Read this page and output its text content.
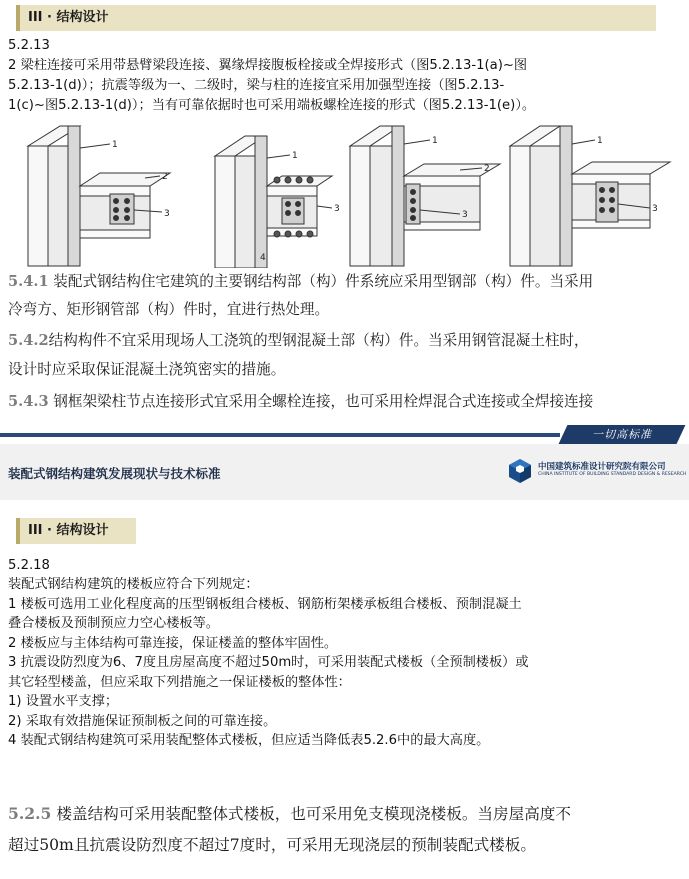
III · 结构设计
5.2.13
2 梁柱连接可采用带悬臂梁段连接、翼缘焊接腹板栓接或全焊接形式（图5.2.13-1(a)~图
5.2.13-1(d)）；抗震等级为一、二级时，梁与柱的连接宜采用加强型连接（图5.2.13-
1(c)~图5.2.13-1(d)）；当有可靠依据时也可采用端板螺栓连接的形式（图5.2.13-1(e)）。
1
2
3
1
4
3
1
2
3
1
3
5.4.1 装配式钢结构住宅建筑的主要钢结构部（构）件系统应采用型钢部（构）件。当采用
冷弯方、矩形钢管部（构）件时，宜进行热处理。
5.4.2结构构件不宜采用现场人工浇筑的型钢混凝土部（构）件。当采用钢管混凝土柱时，
设计时应采取保证混凝土浇筑密实的措施。
5.4.3 钢框架梁柱节点连接形式宜采用全螺栓连接，也可采用栓焊混合式连接或全焊接连接
一切高标准
装配式钢结构建筑发展现状与技术标准	中国建筑标准设计研究院有限公司
CHINA INSTITUTE OF BUILDING STANDARD DESIGN & RESEARCH
III · 结构设计
5.2.18
装配式钢结构建筑的楼板应符合下列规定：
1 楼板可选用工业化程度高的压型钢板组合楼板、钢筋桁架楼承板组合楼板、预制混凝土
叠合楼板及预制预应力空心楼板等。
2 楼板应与主体结构可靠连接，保证楼盖的整体牢固性。
3 抗震设防烈度为6、7度且房屋高度不超过50m时，可采用装配式楼板（全预制楼板）或
其它轻型楼盖，但应采取下列措施之一保证楼板的整体性：
1) 设置水平支撑；
2) 采取有效措施保证预制板之间的可靠连接。
4 装配式钢结构建筑可采用装配整体式楼板，但应适当降低表5.2.6中的最大高度。
5.2.5 楼盖结构可采用装配整体式楼板，也可采用免支模现浇楼板。当房屋高度不
超过50m且抗震设防烈度不超过7度时，可采用无现浇层的预制装配式楼板。
